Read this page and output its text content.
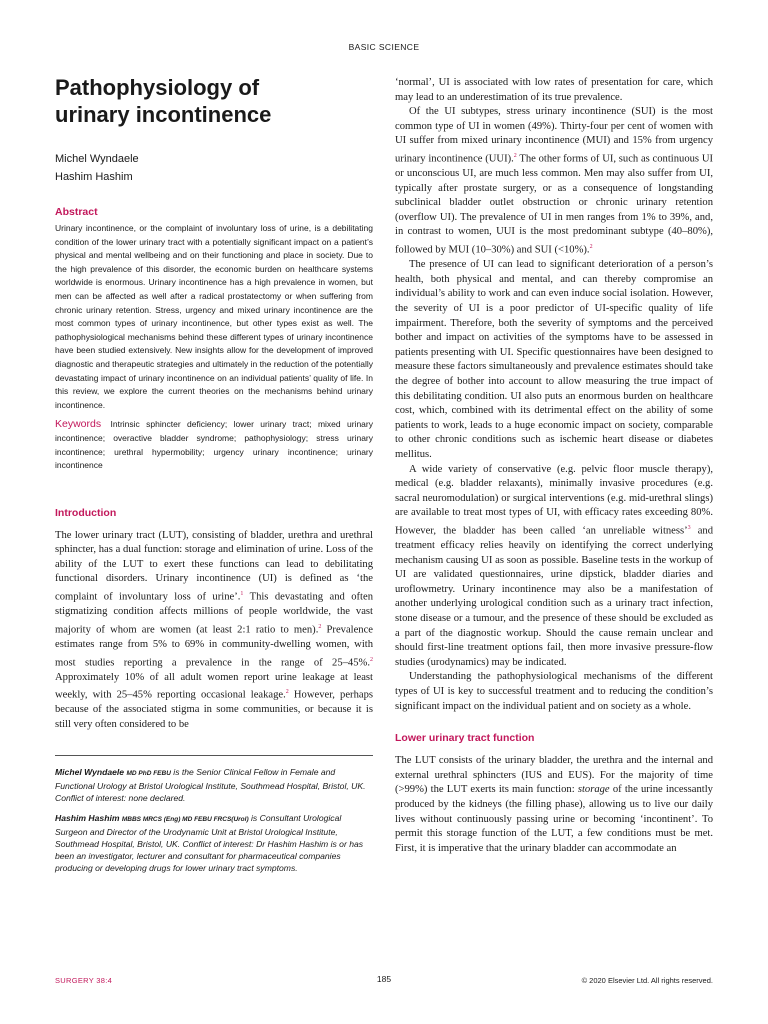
BASIC SCIENCE
Pathophysiology of
urinary incontinence

Michel Wyndaele

Hashim Hashim

Abstract

Urinary incontinence, or the complaint of involuntary loss of urine, is a debilitating condition of the lower urinary tract with a potentially significant impact on a patient’s physical and mental wellbeing and on their functioning and place in society. Due to the high prevalence of this disorder, the economic burden on healthcare systems worldwide is enormous. Urinary incontinence has a high prevalence in women, but men can be affected as well after a radical prostatectomy or when suffering from chronic urinary retention. Stress, urgency and mixed urinary incontinence are the most common types of urinary incontinence, but other types exist as well. The pathophysiological mechanisms behind these different types of urinary incontinence have been studied extensively. New insights allow for the development of improved diagnostic and therapeutic strategies and ultimately in the reduction of the potentially devastating impact of urinary incontinence on an individual patients’ quality of life. In this review, we explore the current theories on the mechanisms behind urinary incontinence.

Keywords Intrinsic sphincter deficiency; lower urinary tract; mixed urinary incontinence; overactive bladder syndrome; pathophysiology; stress urinary incontinence; urethral hypermobility; urgency urinary incontinence; urinary incontinence

Introduction

The lower urinary tract (LUT), consisting of bladder, urethra and urethral sphincter, has a dual function: storage and elimination of urine. Loss of the ability of the LUT to exert these functions can lead to debilitating functional disorders. Urinary incontinence (UI) is defined as ‘the complaint of involuntary loss of urine’.$^1$ This devastating and often stigmatizing condition affects millions of people worldwide, the vast majority of whom are women (at least 2:1 ratio to men).$^2$ Prevalence estimates range from 5% to 69% in community-dwelling women, with most studies reporting a prevalence in the range of 25–45%.$^2$ Approximately 10% of all adult women report urine leakage at least weekly, with 25–45% reporting occasional leakage.$^2$ However, perhaps because of the associated stigma in some communities, or because it is still very often considered to be

Michel Wyndaele MD PhD FEBU is the Senior Clinical Fellow in Female and Functional Urology at Bristol Urological Institute, Southmead Hospital, Bristol, UK. Conflict of interest: none declared.

Hashim Hashim MBBS MRCS (Eng) MD FEBU FRCS(Urol) is Consultant Urological Surgeon and Director of the Urodynamic Unit at Bristol Urological Institute, Southmead Hospital, Bristol, UK. Conflict of interest: Dr Hashim Hashim is or has been an investigator, lecturer and consultant for pharmaceutical companies producing or developing drugs for lower urinary tract symptoms.

‘normal’, UI is associated with low rates of presentation for care, which may lead to an underestimation of its true prevalence.

Of the UI subtypes, stress urinary incontinence (SUI) is the most common type of UI in women (49%). Thirty-four per cent of women with UI suffer from mixed urinary incontinence (MUI) and 15% from urgency urinary incontinence (UUI).$^2$ The other forms of UI, such as continuous UI or unconscious UI, are much less common. Men may also suffer from UI, typically after prostate surgery, or as a consequence of longstanding subclinical bladder outlet obstruction or chronic urinary retention (overflow UI). The prevalence of UI in men ranges from 1% to 39%, and, in contrast to women, UUI is the most predominant subtype (40–80%), followed by MUI (10–30%) and SUI (<10%).$^2$

The presence of UI can lead to significant deterioration of a person’s health, both physical and mental, and can thereby compromise an individual’s ability to work and can even induce social isolation. However, the severity of UI is a poor predictor of UI-specific quality of life impairment. Therefore, both the severity of symptoms and the perceived bother and impact on activities of the symptoms have to be assessed in patients presenting with UI. Specific questionnaires have been designed to measure these factors simultaneously and prevalence estimates should take the degree of bother into account to allow measuring the true impact of this debilitating condition. UI also puts an enormous burden on healthcare cost, which, combined with its detrimental effect on the ability of some patients to work, leads to a huge economic impact on society, comparable to other chronic conditions such as ischemic heart disease or diabetes mellitus.

A wide variety of conservative (e.g. pelvic floor muscle therapy), medical (e.g. bladder relaxants), minimally invasive procedures (e.g. sacral neuromodulation) or surgical interventions (e.g. mid-urethral slings) are available to treat most types of UI, with efficacy rates exceeding 80%. However, the bladder has been called ‘an unreliable witness’$^3$ and treatment efficacy relies heavily on identifying the correct underlying mechanism causing UI as soon as possible. Baseline tests in the workup of UI are validated questionnaires, urine dipstick, bladder diaries and uroflowmetry. Urinary incontinence may also be a manifestation of another underlying urological condition such as a urinary tract infection, stone disease or a tumour, and the presence of these should be excluded as a part of the diagnostic workup. Should the cause remain unclear and should first-line treatment options fail, then more invasive pressure-flow studies (urodynamics) may be indicated.

Understanding the pathophysiological mechanisms of the different types of UI is key to successful treatment and to reducing the condition’s significant impact on the individual patient and on society as a whole.

Lower urinary tract function

The LUT consists of the urinary bladder, the urethra and the internal and external urethral sphincters (IUS and EUS). For the majority of time (>99%) the LUT exerts its main function: storage of the urine incessantly produced by the kidneys (the filling phase), allowing us to live our daily lives without continuously passing urine or becoming ‘incontinent’. To permit this storage function of the LUT, a few conditions must be met. First, it is imperative that the urinary bladder can accommodate an

SURGERY 38:4	185	© 2020 Elsevier Ltd. All rights reserved.
